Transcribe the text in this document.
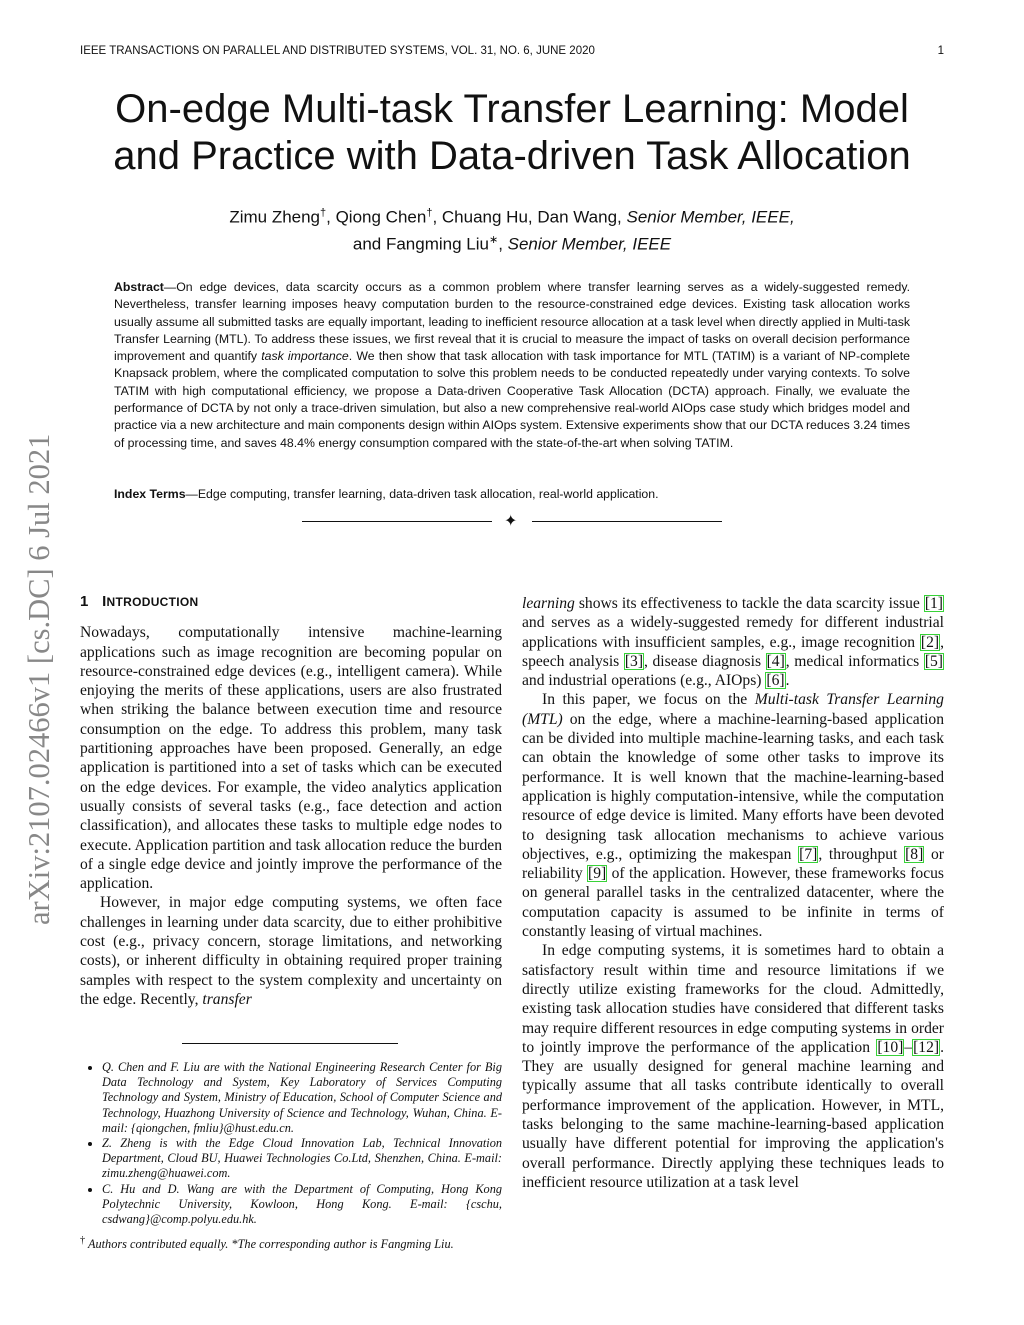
IEEE TRANSACTIONS ON PARALLEL AND DISTRIBUTED SYSTEMS, VOL. 31, NO. 6, JUNE 2020	1
On-edge Multi-task Transfer Learning: Model
and Practice with Data-driven Task Allocation
Zimu Zheng†, Qiong Chen†, Chuang Hu, Dan Wang, Senior Member, IEEE,
and Fangming Liu∗, Senior Member, IEEE
Abstract—On edge devices, data scarcity occurs as a common problem where transfer learning serves as a widely-suggested remedy. Nevertheless, transfer learning imposes heavy computation burden to the resource-constrained edge devices. Existing task allocation works usually assume all submitted tasks are equally important, leading to inefficient resource allocation at a task level when directly applied in Multi-task Transfer Learning (MTL). To address these issues, we first reveal that it is crucial to measure the impact of tasks on overall decision performance improvement and quantify task importance. We then show that task allocation with task importance for MTL (TATIM) is a variant of NP-complete Knapsack problem, where the complicated computation to solve this problem needs to be conducted repeatedly under varying contexts. To solve TATIM with high computational efficiency, we propose a Data-driven Cooperative Task Allocation (DCTA) approach. Finally, we evaluate the performance of DCTA by not only a trace-driven simulation, but also a new comprehensive real-world AIOps case study which bridges model and practice via a new architecture and main components design within AIOps system. Extensive experiments show that our DCTA reduces 3.24 times of processing time, and saves 48.4% energy consumption compared with the state-of-the-art when solving TATIM.
Index Terms—Edge computing, transfer learning, data-driven task allocation, real-world application.
✦
arXiv:2107.02466v1 [cs.DC] 6 Jul 2021 1 INTRODUCTION

Nowadays, computationally intensive machine-learning applications such as image recognition are becoming popular on resource-constrained edge devices (e.g., intelligent camera). While enjoying the merits of these applications, users are also frustrated when striking the balance between execution time and resource consumption on the edge. To address this problem, many task partitioning approaches have been proposed. Generally, an edge application is partitioned into a set of tasks which can be executed on the edge devices. For example, the video analytics application usually consists of several tasks (e.g., face detection and action classification), and allocates these tasks to multiple edge nodes to execute. Application partition and task allocation reduce the burden of a single edge device and jointly improve the performance of the application.

However, in major edge computing systems, we often face challenges in learning under data scarcity, due to either prohibitive cost (e.g., privacy concern, storage limitations, and networking costs), or inherent difficulty in obtaining required proper training samples with respect to the system complexity and uncertainty on the edge. Recently, transfer

learning shows its effectiveness to tackle the data scarcity issue [1] and serves as a widely-suggested remedy for different industrial applications with insufficient samples, e.g., image recognition [2], speech analysis [3], disease diagnosis [4], medical informatics [5] and industrial operations (e.g., AIOps) [6].

In this paper, we focus on the Multi-task Transfer Learning (MTL) on the edge, where a machine-learning-based application can be divided into multiple machine-learning tasks, and each task can obtain the knowledge of some other tasks to improve its performance. It is well known that the machine-learning-based application is highly computation-intensive, while the computation resource of edge device is limited. Many efforts have been devoted to designing task allocation mechanisms to achieve various objectives, e.g., optimizing the makespan [7], throughput [8] or reliability [9] of the application. However, these frameworks focus on general parallel tasks in the centralized datacenter, where the computation capacity is assumed to be infinite in terms of constantly leasing of virtual machines.

In edge computing systems, it is sometimes hard to obtain a satisfactory result within time and resource limitations if we directly utilize existing frameworks for the cloud. Admittedly, existing task allocation studies have considered that different tasks may require different resources in edge computing systems in order to jointly improve the performance of the application [10]–[12]. They are usually designed for general machine learning and typically assume that all tasks contribute identically to overall performance improvement of the application. However, in MTL, tasks belonging to the same machine-learning-based application usually have different potential for improving the application's overall performance. Directly applying these techniques leads to inefficient resource utilization at a task level

• Q. Chen and F. Liu are with the National Engineering Research Center for Big Data Technology and System, Key Laboratory of Services Computing Technology and System, Ministry of Education, School of Computer Science and Technology, Huazhong University of Science and Technology, Wuhan, China. E-mail: {qiongchen, fmliu}@hust.edu.cn.
• Z. Zheng is with the Edge Cloud Innovation Lab, Technical Innovation Department, Cloud BU, Huawei Technologies Co.Ltd, Shenzhen, China. E-mail: zimu.zheng@huawei.com.
• C. Hu and D. Wang are with the Department of Computing, Hong Kong Polytechnic University, Kowloon, Hong Kong. E-mail: {cschu, csdwang}@comp.polyu.edu.hk.
† Authors contributed equally. *The corresponding author is Fangming Liu.
